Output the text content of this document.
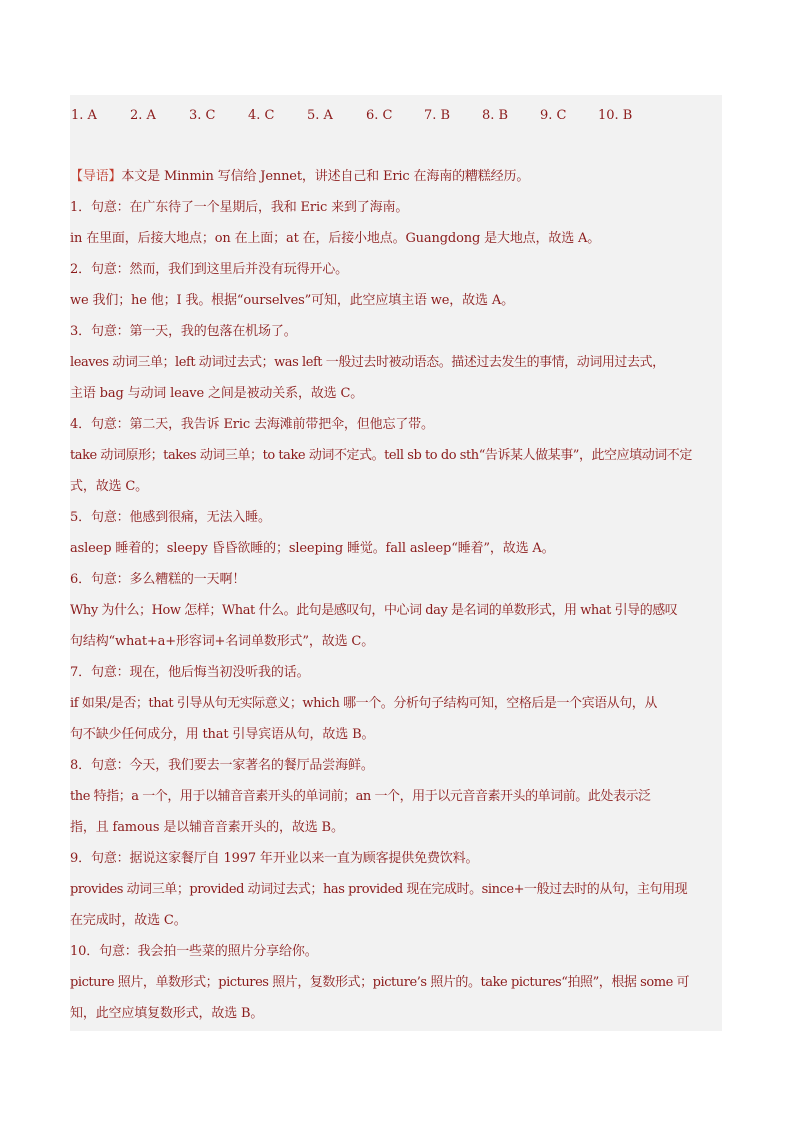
1. A	2. A	3. C	4. C	5. A	6. C	7. B	8. B	9. C	10. B
【导语】本文是 Minmin 写信给 Jennet，讲述自己和 Eric 在海南的糟糕经历。
1．句意：在广东待了一个星期后，我和 Eric 来到了海南。
in 在里面，后接大地点；on 在上面；at 在，后接小地点。Guangdong 是大地点，故选 A。
2．句意：然而，我们到这里后并没有玩得开心。
we 我们；he 他；I 我。根据“ourselves”可知，此空应填主语 we，故选 A。
3．句意：第一天，我的包落在机场了。
leaves 动词三单；left 动词过去式；was left 一般过去时被动语态。描述过去发生的事情，动词用过去式，
主语 bag 与动词 leave 之间是被动关系，故选 C。
4．句意：第二天，我告诉 Eric 去海滩前带把伞，但他忘了带。
take 动词原形；takes 动词三单；to take 动词不定式。tell sb to do sth“告诉某人做某事”，此空应填动词不定
式，故选 C。
5．句意：他感到很痛，无法入睡。
asleep 睡着的；sleepy 昏昏欲睡的；sleeping 睡觉。fall asleep“睡着”，故选 A。
6．句意：多么糟糕的一天啊！
Why 为什么；How 怎样；What 什么。此句是感叹句，中心词 day 是名词的单数形式，用 what 引导的感叹
句结构“what+a+形容词+名词单数形式”，故选 C。
7．句意：现在，他后悔当初没听我的话。
if 如果/是否；that 引导从句无实际意义；which 哪一个。分析句子结构可知，空格后是一个宾语从句，从
句不缺少任何成分，用 that 引导宾语从句，故选 B。
8．句意：今天，我们要去一家著名的餐厅品尝海鲜。
the 特指；a 一个，用于以辅音音素开头的单词前；an 一个，用于以元音音素开头的单词前。此处表示泛
指，且 famous 是以辅音音素开头的，故选 B。
9．句意：据说这家餐厅自 1997 年开业以来一直为顾客提供免费饮料。
provides 动词三单；provided 动词过去式；has provided 现在完成时。since+一般过去时的从句，主句用现
在完成时，故选 C。
10．句意：我会拍一些菜的照片分享给你。
picture 照片，单数形式；pictures 照片，复数形式；picture’s 照片的。take pictures“拍照”，根据 some 可
知，此空应填复数形式，故选 B。
